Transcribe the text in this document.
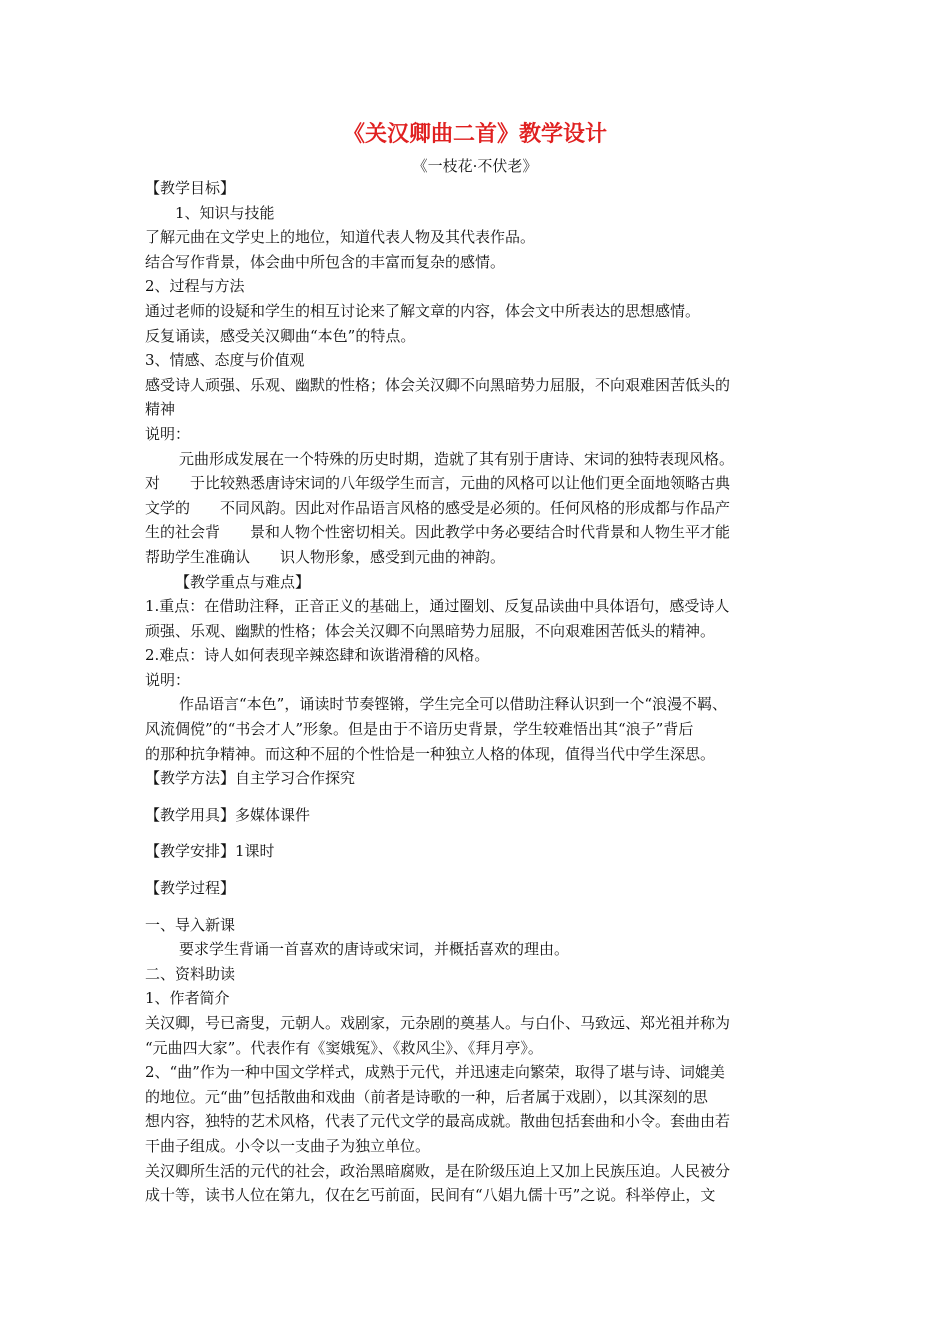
《关汉卿曲二首》教学设计
《一枝花·不伏老》

【教学目标】

1、知识与技能

了解元曲在文学史上的地位，知道代表人物及其代表作品。

结合写作背景，体会曲中所包含的丰富而复杂的感情。

2、过程与方法

通过老师的设疑和学生的相互讨论来了解文章的内容，体会文中所表达的思想感情。

反复诵读，感受关汉卿曲“本色”的特点。

3、情感、态度与价值观

感受诗人顽强、乐观、幽默的性格；体会关汉卿不向黑暗势力屈服，不向艰难困苦低头的

精神

说明：

元曲形成发展在一个特殊的历史时期，造就了其有别于唐诗、宋词的独特表现风格。

对　　于比较熟悉唐诗宋词的八年级学生而言，元曲的风格可以让他们更全面地领略古典

文学的　　不同风韵。因此对作品语言风格的感受是必须的。任何风格的形成都与作品产

生的社会背　　景和人物个性密切相关。因此教学中务必要结合时代背景和人物生平才能

帮助学生准确认　　识人物形象，感受到元曲的神韵。

【教学重点与难点】

1.重点：在借助注释，正音正义的基础上，通过圈划、反复品读曲中具体语句，感受诗人

顽强、乐观、幽默的性格；体会关汉卿不向黑暗势力屈服，不向艰难困苦低头的精神。

2.难点：诗人如何表现辛辣恣肆和诙谐滑稽的风格。

说明：

作品语言“本色”，诵读时节奏铿锵，学生完全可以借助注释认识到一个“浪漫不羁、

风流倜傥”的“书会才人”形象。但是由于不谙历史背景，学生较难悟出其“浪子”背后

的那种抗争精神。而这种不屈的个性恰是一种独立人格的体现，值得当代中学生深思。

【教学方法】自主学习合作探究

【教学用具】多媒体课件

【教学安排】1课时

【教学过程】

一、导入新课

要求学生背诵一首喜欢的唐诗或宋词，并概括喜欢的理由。

二、资料助读

1、作者简介

关汉卿，号已斋叟，元朝人。戏剧家，元杂剧的奠基人。与白仆、马致远、郑光祖并称为

“元曲四大家”。代表作有《窦娥冤》、《救风尘》、《拜月亭》。

2、“曲”作为一种中国文学样式，成熟于元代，并迅速走向繁荣，取得了堪与诗、词媲美

的地位。元“曲”包括散曲和戏曲（前者是诗歌的一种，后者属于戏剧），以其深刻的思

想内容，独特的艺术风格，代表了元代文学的最高成就。散曲包括套曲和小令。套曲由若

干曲子组成。小令以一支曲子为独立单位。

关汉卿所生活的元代的社会，政治黑暗腐败，是在阶级压迫上又加上民族压迫。人民被分

成十等，读书人位在第九，仅在乞丐前面，民间有“八娼九儒十丐”之说。科举停止，文
